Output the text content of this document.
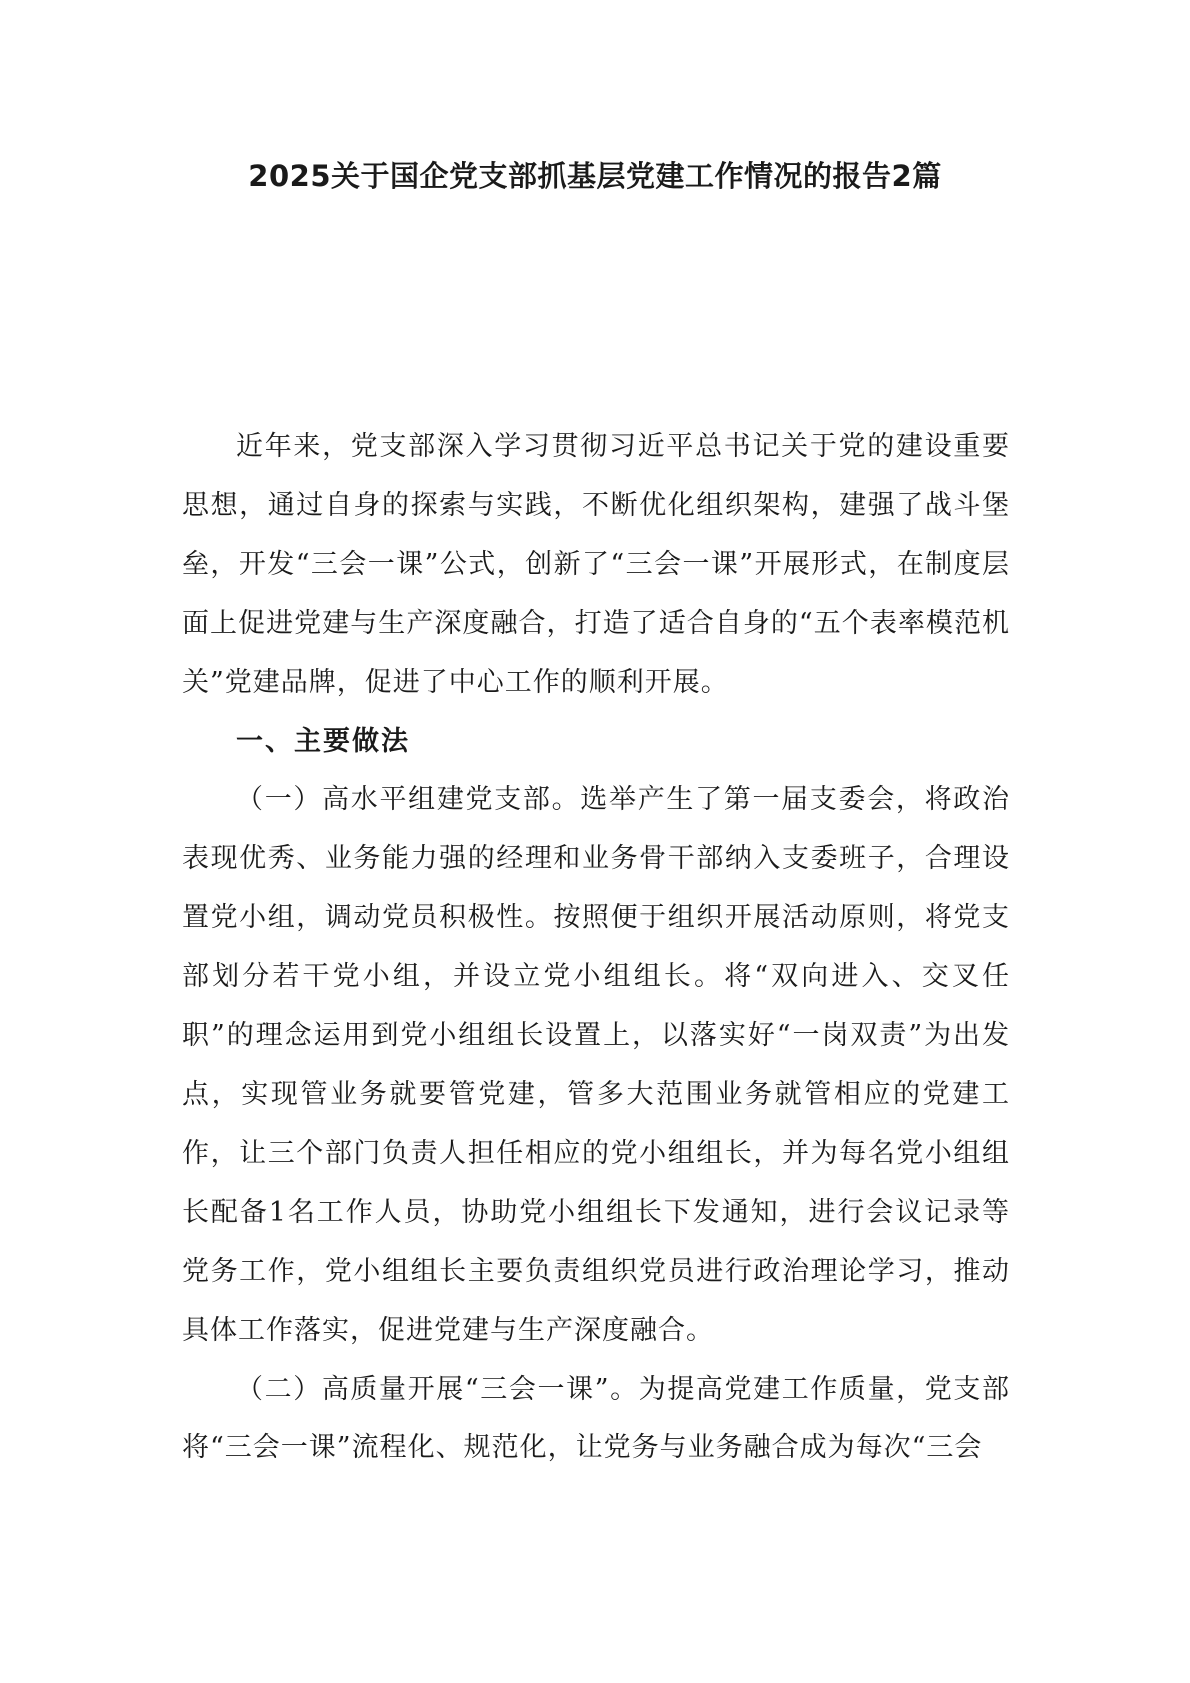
2025关于国企党支部抓基层党建工作情况的报告2篇

近年来，党支部深入学习贯彻习近平总书记关于党的建设重要思想，通过自身的探索与实践，不断优化组织架构，建强了战斗堡垒，开发“三会一课”公式，创新了“三会一课”开展形式，在制度层面上促进党建与生产深度融合，打造了适合自身的“五个表率模范机关”党建品牌，促进了中心工作的顺利开展。

一、主要做法

（一）高水平组建党支部。选举产生了第一届支委会，将政治表现优秀、业务能力强的经理和业务骨干部纳入支委班子，合理设置党小组，调动党员积极性。按照便于组织开展活动原则，将党支部划分若干党小组，并设立党小组组长。将“双向进入、交叉任职”的理念运用到党小组组长设置上，以落实好“一岗双责”为出发点，实现管业务就要管党建，管多大范围业务就管相应的党建工作，让三个部门负责人担任相应的党小组组长，并为每名党小组组长配备1名工作人员，协助党小组组长下发通知，进行会议记录等党务工作，党小组组长主要负责组织党员进行政治理论学习，推动具体工作落实，促进党建与生产深度融合。

（二）高质量开展“三会一课”。为提高党建工作质量，党支部将“三会一课”流程化、规范化，让党务与业务融合成为每次“三会
